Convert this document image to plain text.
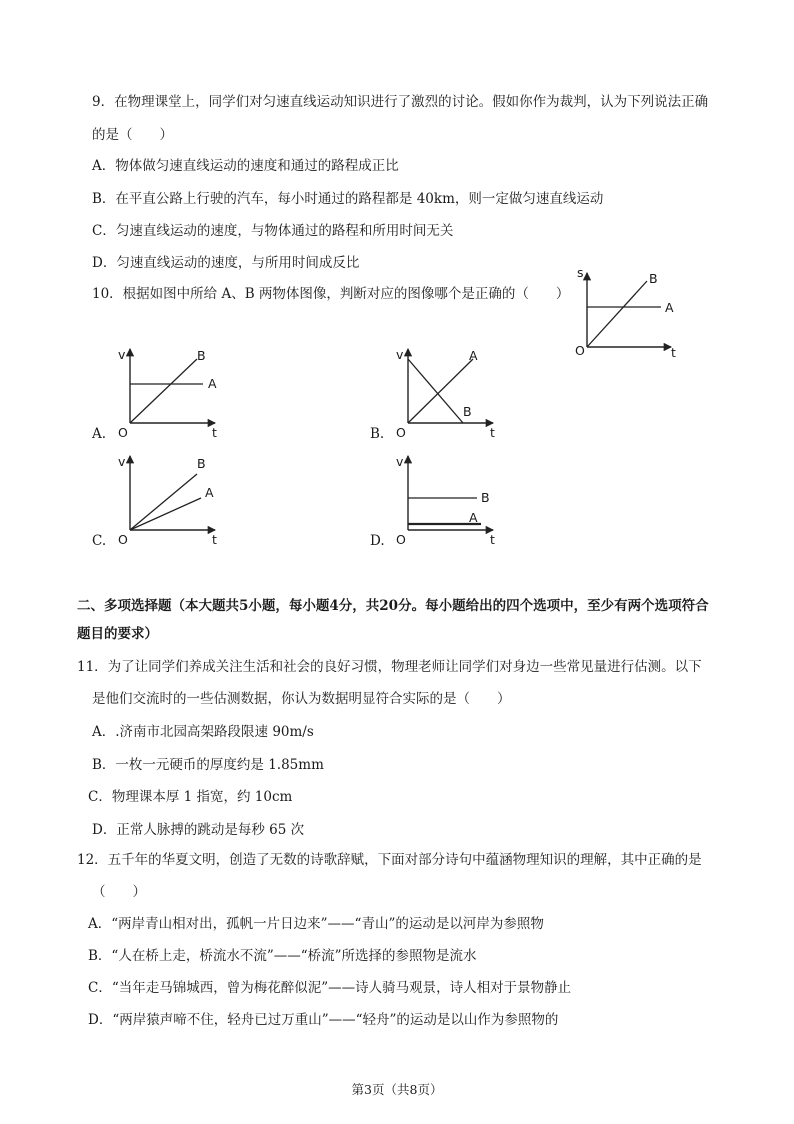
9．在物理课堂上，同学们对匀速直线运动知识进行了激烈的讨论。假如你作为裁判，认为下列说法正确
的是（　　）
A．物体做匀速直线运动的速度和通过的路程成正比
B．在平直公路上行驶的汽车，每小时通过的路程都是 40km，则一定做匀速直线运动
C．匀速直线运动的速度，与物体通过的路程和所用时间无关
D．匀速直线运动的速度，与所用时间成反比
10．根据如图中所给 A、B 两物体图像，判断对应的图像哪个是正确的（　　）
s
O	t
A
B
A.
v
O	t
A
B
B.
v
O	t
A
B
C.
v
O	t
A
B
D.
v
O	t
A
B
二、多项选择题（本大题共5小题，每小题4分，共20分。每小题给出的四个选项中，至少有两个选项符合
题目的要求）
11．为了让同学们养成关注生活和社会的良好习惯，物理老师让同学们对身边一些常见量进行估测。以下
是他们交流时的一些估测数据，你认为数据明显符合实际的是（　　）
A．.济南市北园高架路段限速 90m/s
B．一枚一元硬币的厚度约是 1.85mm
C．物理课本厚 1 指宽，约 10cm
D．正常人脉搏的跳动是每秒 65 次
12．五千年的华夏文明，创造了无数的诗歌辞赋，下面对部分诗句中蕴涵物理知识的理解，其中正确的是
（　　）
A．“两岸青山相对出，孤帆一片日边来”——“青山”的运动是以河岸为参照物
B．“人在桥上走，桥流水不流”——“桥流”所选择的参照物是流水
C．“当年走马锦城西，曾为梅花醉似泥”——诗人骑马观景，诗人相对于景物静止
D．“两岸猿声啼不住，轻舟已过万重山”——“轻舟”的运动是以山作为参照物的
第3页（共8页）
